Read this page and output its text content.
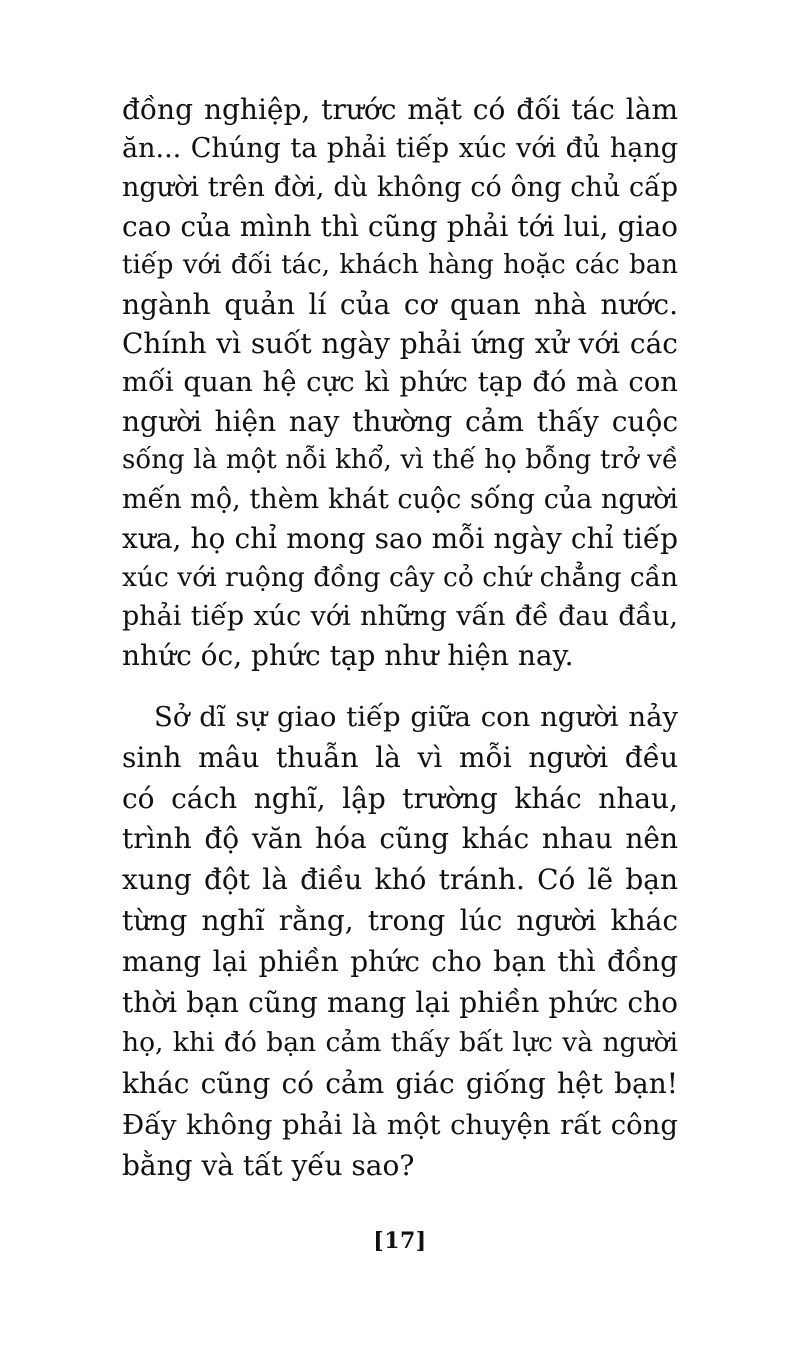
đồng nghiệp, trước mặt có đối tác làm
ăn... Chúng ta phải tiếp xúc với đủ hạng
người trên đời, dù không có ông chủ cấp
cao của mình thì cũng phải tới lui, giao
tiếp với đối tác, khách hàng hoặc các ban
ngành quản lí của cơ quan nhà nước.
Chính vì suốt ngày phải ứng xử với các
mối quan hệ cực kì phức tạp đó mà con
người hiện nay thường cảm thấy cuộc
sống là một nỗi khổ, vì thế họ bỗng trở về
mến mộ, thèm khát cuộc sống của người
xưa, họ chỉ mong sao mỗi ngày chỉ tiếp
xúc với ruộng đồng cây cỏ chứ chẳng cần
phải tiếp xúc với những vấn đề đau đầu,
nhức óc, phức tạp như hiện nay.
Sở dĩ sự giao tiếp giữa con người nảy
sinh mâu thuẫn là vì mỗi người đều
có cách nghĩ, lập trường khác nhau,
trình độ văn hóa cũng khác nhau nên
xung đột là điều khó tránh. Có lẽ bạn
từng nghĩ rằng, trong lúc người khác
mang lại phiền phức cho bạn thì đồng
thời bạn cũng mang lại phiền phức cho
họ, khi đó bạn cảm thấy bất lực và người
khác cũng có cảm giác giống hệt bạn!
Đấy không phải là một chuyện rất công
bằng và tất yếu sao?
[17]
